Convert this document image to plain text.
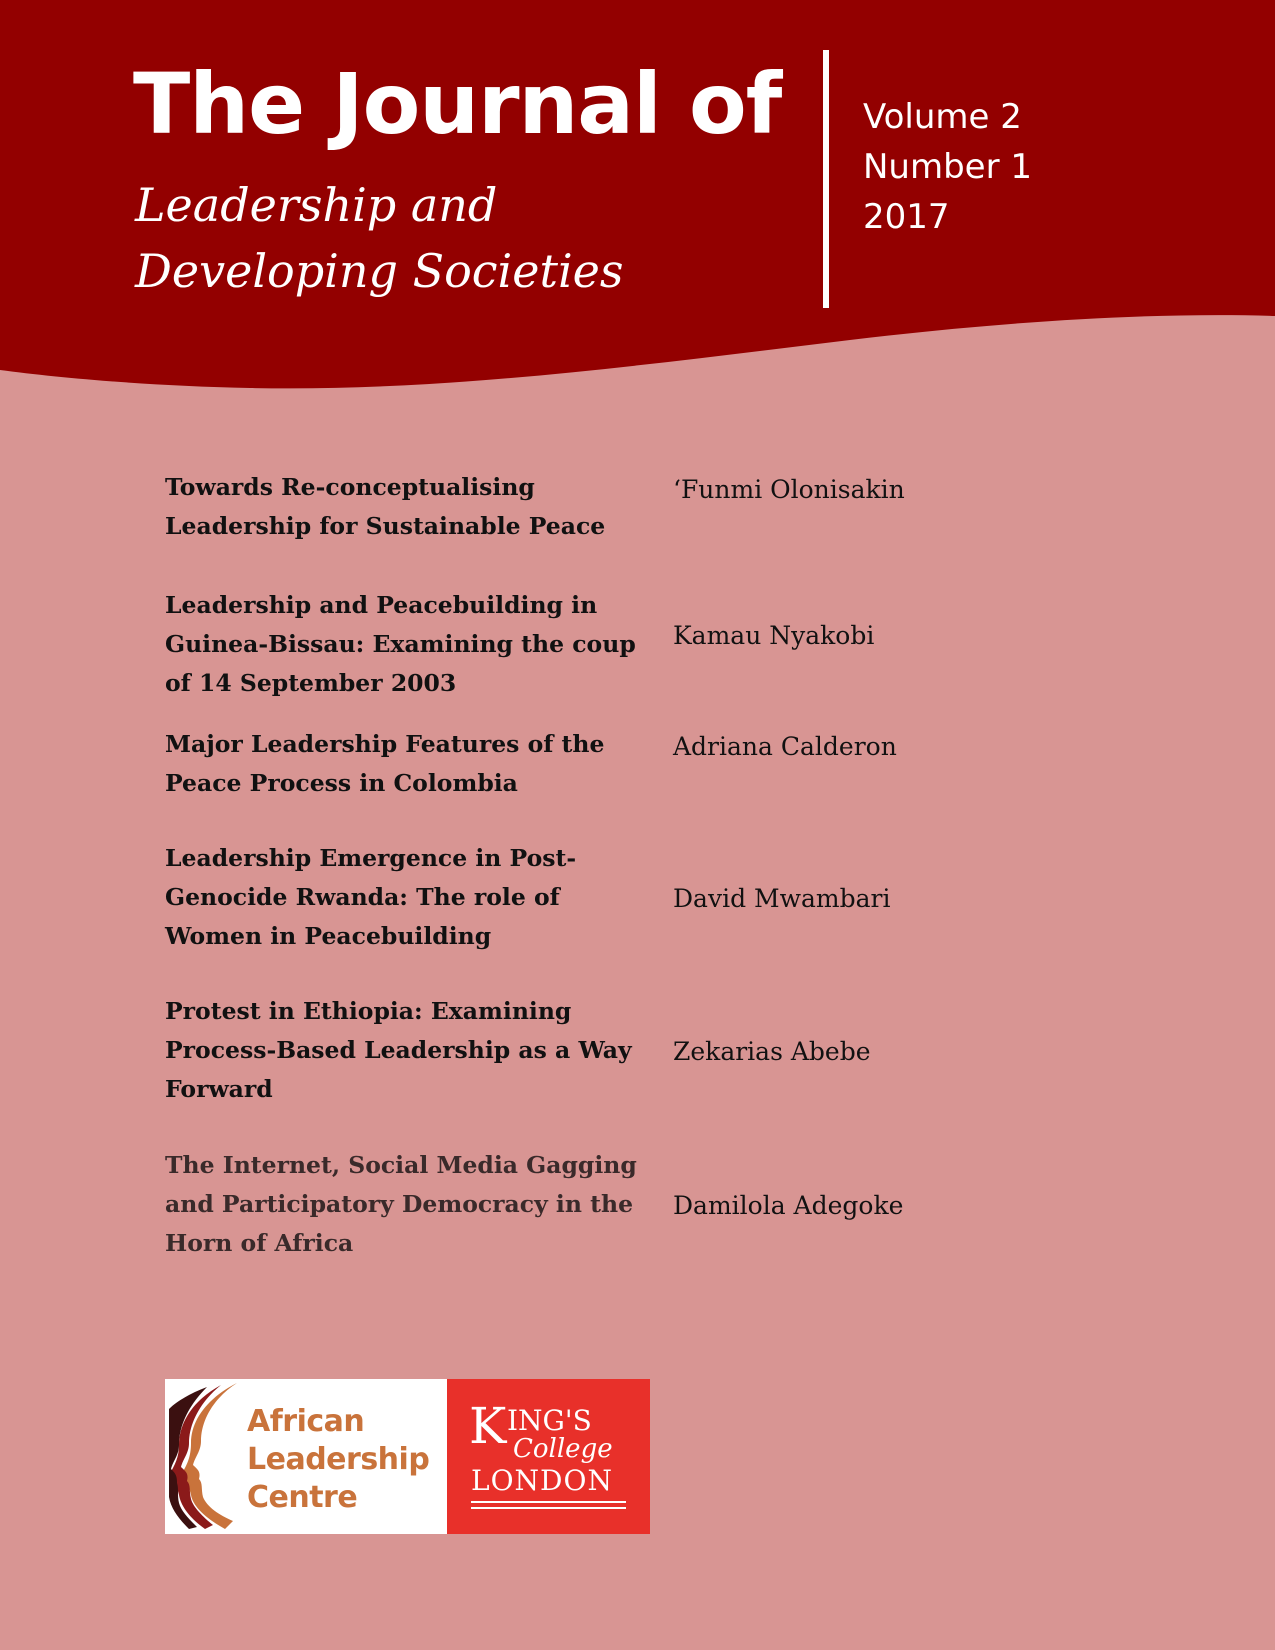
The Journal of
Leadership and Developing Societies
Volume 2
Number 1
2017
Towards Re-conceptualising Leadership for Sustainable Peace
‘Funmi Olonisakin
Leadership and Peacebuilding in Guinea-Bissau: Examining the coup of 14 September 2003
Kamau Nyakobi
Major Leadership Features of the Peace Process in Colombia
Adriana Calderon
Leadership Emergence in Post-Genocide Rwanda: The role of Women in Peacebuilding
David Mwambari
Protest in Ethiopia: Examining Process-Based Leadership as a Way Forward
Zekarias Abebe
The Internet, Social Media Gagging and Participatory Democracy in the Horn of Africa
Damilola Adegoke
African
Leadership
Centre
K ING'S
College
LONDON
